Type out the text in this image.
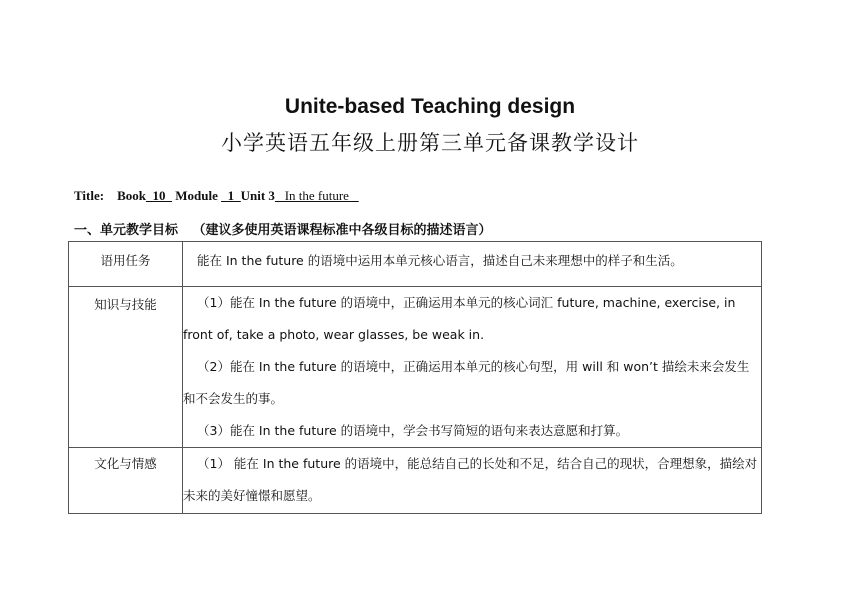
Unite-based Teaching design
小学英语五年级上册第三单元备课教学设计
Title: Book_10_ Module _1_Unit 3 In the future
一、单元教学目标 （建议多使用英语课程标准中各级目标的描述语言）
语用任务	能在 In the future 的语境中运用本单元核心语言，描述自己未来理想中的样子和生活。

知识与技能	（1）能在 In the future 的语境中，正确运用本单元的核心词汇 future, machine, exercise, in front of, take a photo, wear glasses, be weak in.
（2）能在 In the future 的语境中，正确运用本单元的核心句型，用 will 和 won’t 描绘未来会发生和不会发生的事。
（3）能在 In the future 的语境中，学会书写简短的语句来表达意愿和打算。

文化与情感	（1） 能在 In the future 的语境中，能总结自己的长处和不足，结合自己的现状，合理想象，描绘对未来的美好憧憬和愿望。
